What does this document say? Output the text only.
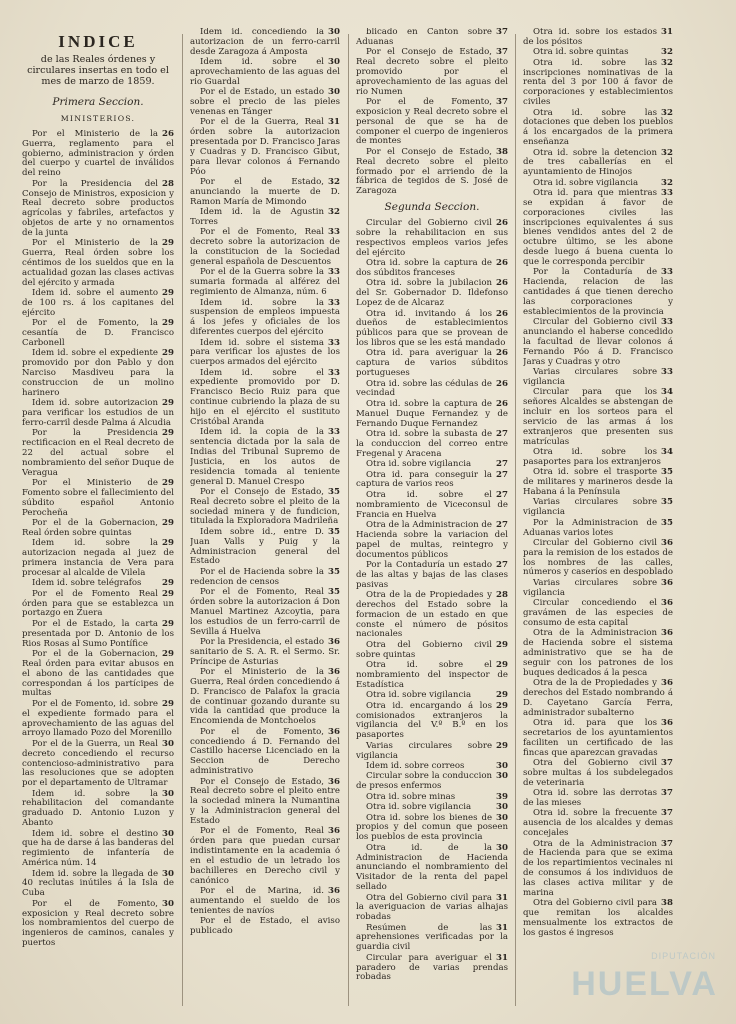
INDICE
de las Reales órdenes y circulares insertas en todo el mes de marzo de 1859.
Primera Seccion.
MINISTERIOS.
26
Por el Ministerio de la Guerra, reglamento para el gobierno, administracion y órden del cuerpo y cuartel de inválidos del reino
28
Por la Presidencia del Consejo de Ministros, exposicion y Real decreto sobre productos agrícolas y fabriles, artefactos y objetos de arte y no ornamentos de la junta
29
Por el Ministerio de la Guerra, Real órden sobre los céntimos de los sueldos que en la actualidad gozan las clases activas del ejército y armada
29
Idem id. sobre el aumento de 100 rs. á los capitanes del ejército
29
Por el de Fomento, la cesantía de D. Francisco Carbonell
29
Idem id. sobre el expediente promovido por don Pablo y don Narciso Masdiveu para la construccion de un molino harinero
29
Idem id. sobre autorizacion para verificar los estudios de un ferro-carril desde Palma á Alcudia
29
Por la Presidencia rectificacion en el Real decreto de 22 del actual sobre el nombramiento del señor Duque de Veragua
29
Por el Ministerio de Fomento sobre el fallecimiento del súbdito español Antonio Perocheña
29
Por el de la Gobernacion, Real órden sobre quintas
29
Idem id. sobre la autorizacion negada al juez de primera instancia de Vera para procesar al alcalde de Vilela
29
Idem id. sobre telégrafos
29
Por el de Fomento Real órden para que se establezca un portazgo en Zuera
29
Por el de Estado, la carta presentada por D. Antonio de los Rios Rosas al Sumo Pontífice
29
Por el de la Gobernacion, Real órden para evitar abusos en el abono de las cantidades que correspondan á los partícipes de multas
29
Por el de Fomento, id. sobre el expediente formado para el aprovechamiento de las aguas del arroyo llamado Pozo del Morenillo
30
Por el de la Guerra, un Real decreto concediendo el recurso contencioso-administrativo para las resoluciones que se adopten por el departamento de Ultramar
30
Idem id. sobre la rehabilitacion del comandante graduado D. Antonio Luzon y Abanto
30
Idem id. sobre el destino que ha de darse á las banderas del regimiento de infantería de América núm. 14
30
Idem id. sobre la llegada de 40 reclutas inútiles á la Isla de Cuba
30
Por el de Fomento, exposicion y Real decreto sobre los nombramientos del cuerpo de ingenieros de caminos, canales y puertos
30
Idem id. concediendo la autorizacion de un ferro-carril desde Zaragoza á Amposta
30
Idem id. sobre el aprovechamiento de las aguas del rio Guardal
30
Por el de Estado, un estado sobre el precio de las pieles venenas en Tánger
31
Por el de la Guerra, Real órden sobre la autorizacion presentada por D. Francisco Jaras y Cuadras y D. Francisco Gibut, para llevar colonos á Fernando Póo
32
Por el de Estado, anunciando la muerte de D. Ramon María de Mimondo
32
Idem id. la de Agustin Torres
33
Por el de Fomento, Real decreto sobre la autorizacion de la constitucion de la Sociedad general española de Descuentos
33
Por el de la Guerra sobre la sumaria formada al alférez del regimiento de Almanza, núm. 6
33
Idem id. sobre la suspension de empleos impuesta á los jefes y oficiales de los diferentes cuerpos del ejército
33
Idem id. sobre el sistema para verificar los ajustes de los cuerpos armados del ejército
33
Idem id. sobre el expediente promovido por D. Francisco Becio Ruiz para que continue cubriendo la plaza de su hijo en el ejército el sustituto Cristóbal Aranda
33
Idem id. la copia de la sentencia dictada por la sala de Indias del Tribunal Supremo de Justicia, en los autos de residencia tomada al teniente general D. Manuel Crespo
35
Por el Consejo de Estado, Real decreto sobre el pleito de la sociedad minera y de fundicion, titulada la Exploradora Madrileña
35
Idem sobre id., entre D. Juan Valls y Puig y la Administracion general del Estado
35
Por el de Hacienda sobre la redencion de censos
35
Por el de Fomento, Real órden sobre la autorizacion á Don Manuel Martinez Azcoytia, para los estudios de un ferro-carril de Sevilla á Huelva
36
Por la Presidencia, el estado sanitario de S. A. R. el Sermo. Sr. Príncipe de Asturias
36
Por el Ministerio de la Guerra, Real órden concediendo á D. Francisco de Palafox la gracia de continuar gozando durante su vida la cantidad que produce la Encomienda de Montchoelos
36
Por el de Fomento, concediendo á D. Fernando del Castillo hacerse Licenciado en la Seccion de Derecho administrativo
36
Por el Consejo de Estado, Real decreto sobre el pleito entre la sociedad minera la Numantina y la Administracion general del Estado
36
Por el de Fomento, Real órden para que puedan cursar indistintamente en la academia ó en el estudio de un letrado los bachilleres en Derecho civil y canónico
36
Por el de Marina, id. aumentando el sueldo de los tenientes de navíos
Por el de Estado, el aviso publicado
37
blicado en Canton sobre Aduanas
37
Por el Consejo de Estado, Real decreto sobre el pleito promovido por el aprovechamiento de las aguas del rio Numen
37
Por el de Fomento, exposicion y Real decreto sobre el personal de que se ha de componer el cuerpo de ingenieros de montes
38
Por el Consejo de Estado, Real decreto sobre el pleito formado por el arriendo de la fábrica de tegidos de S. José de Zaragoza
Segunda Seccion.
26
Circular del Gobierno civil sobre la rehabilitacion en sus respectivos empleos varios jefes del ejército
26
Otra id. sobre la captura de dos súbditos franceses
26
Otra id. sobre la jubilacion del Sr. Gobernador D. Ildefonso Lopez de de Alcaraz
26
Otra id. invitando á los dueños de establecimientos públicos para que se provean de los libros que se les está mandado
26
Otra id. para averiguar la captura de varios súbditos portugueses
26
Otra id. sobre las cédulas de vecindad
26
Otra id. sobre la captura de Manuel Duque Fernandez y de Fernando Duque Fernandez
27
Otra id. sobre la subasta de la conduccion del correo entre Fregenal y Aracena
27
Otra id. sobre vigilancia
27
Otra id. para conseguir la captura de varios reos
27
Otra id. sobre el nombramiento de Viceconsul de Francia en Huelva
27
Otra de la Administracion de Hacienda sobre la variacion del papel de multas, reintegro y documentos públicos
27
Por la Contaduría un estado de las altas y bajas de las clases pasivas
28
Otra de la de Propiedades y derechos del Estado sobre la formacion de un estado en que conste el número de pósitos nacionales
29
Otra del Gobierno civil sobre quintas
29
Otra id. sobre el nombramiento del inspector de Estadística
29
Otra id. sobre vigilancia
29
Otra id. encargando á los comisionados extranjeros la vigilancia del V.º B.º en los pasaportes
29
Varias circulares sobre vigilancia
30
Idem id. sobre correos
30
Circular sobre la conduccion de presos enfermos
39
Otra id. sobre minas
30
Otra id. sobre vigilancia
30
Otra id. sobre los bienes de propios y del comun que poseen los pueblos de esta provincia
30
Otra id. de la Administracion de Hacienda anunciando el nombramiento del Visitador de la renta del papel sellado
31
Otra del Gobierno civil para la averiguacion de varias alhajas robadas
31
Resúmen de las aprehensiones verificadas por la guardia civil
31
Circular para averiguar el paradero de varias prendas robadas
31
Otra id. sobre los estados de los pósitos
32
Otra id. sobre quintas
32
Otra id. sobre las inscripciones nominativas de la renta del 3 por 100 á favor de corporaciones y establecimientos civiles
32
Otra id. sobre las dotaciones que deben los pueblos á los encargados de la primera enseñanza
32
Otra id. sobre la detencion de tres caballerías en el ayuntamiento de Hinojos
32
Otra id. sobre vigilancia
33
Otra id. para que mientras se expidan á favor de corporaciones civiles las inscripciones equivalentes á sus bienes vendidos antes del 2 de octubre último, se les abone desde luego á buena cuenta lo que le corresponda percibir
33
Por la Contaduría de Hacienda, relacion de las cantidades á que tienen derecho las corporaciones y establecimientos de la provincia
33
Circular del Gobierno civil anunciando el haberse concedido la facultad de llevar colonos á Fernando Póo á D. Francisco Jaras y Cuadras y otro
33
Varias circulares sobre vigilancia
34
Circular para que los señores Alcaldes se abstengan de incluir en los sorteos para el servicio de las armas á los extranjeros que presenten sus matrículas
34
Otra id. sobre los pasaportes para los extranjeros
35
Otra id. sobre el trasporte de militares y marineros desde la Habana á la Península
35
Varias circulares sobre vigilancia
35
Por la Administracion de Aduanas varios lotes
36
Circular del Gobierno civil para la remision de los estados de los nombres de las calles, números y caseríos en despoblado
36
Varias circulares sobre vigilancia
36
Circular concediendo el gravámen de las especies de consumo de esta capital
36
Otra de la Administracion de Hacienda sobre el sistema administrativo que se ha de seguir con los patrones de los buques dedicados á la pesca
36
Otra de la de Propiedades y derechos del Estado nombrando á D. Cayetano García Ferra, administrador subalterno
36
Otra id. para que los secretarios de los ayuntamientos faciliten un certificado de las fincas que aparezcan gravadas
37
Otra del Gobierno civil sobre multas á los subdelegados de veterinaria
37
Otra id. sobre las derrotas de las mieses
37
Otra id. sobre la frecuente ausencia de los alcaldes y demas concejales
37
Otra de la Administracion de Hacienda para que se exima de los repartimientos vecinales ni de consumos á los individuos de las clases activa militar y de marina
38
Otra del Gobierno civil para que remitan los alcaldes mensualmente los extractos de los gastos é ingresos
DIPUTACIÓN
HUELVA
